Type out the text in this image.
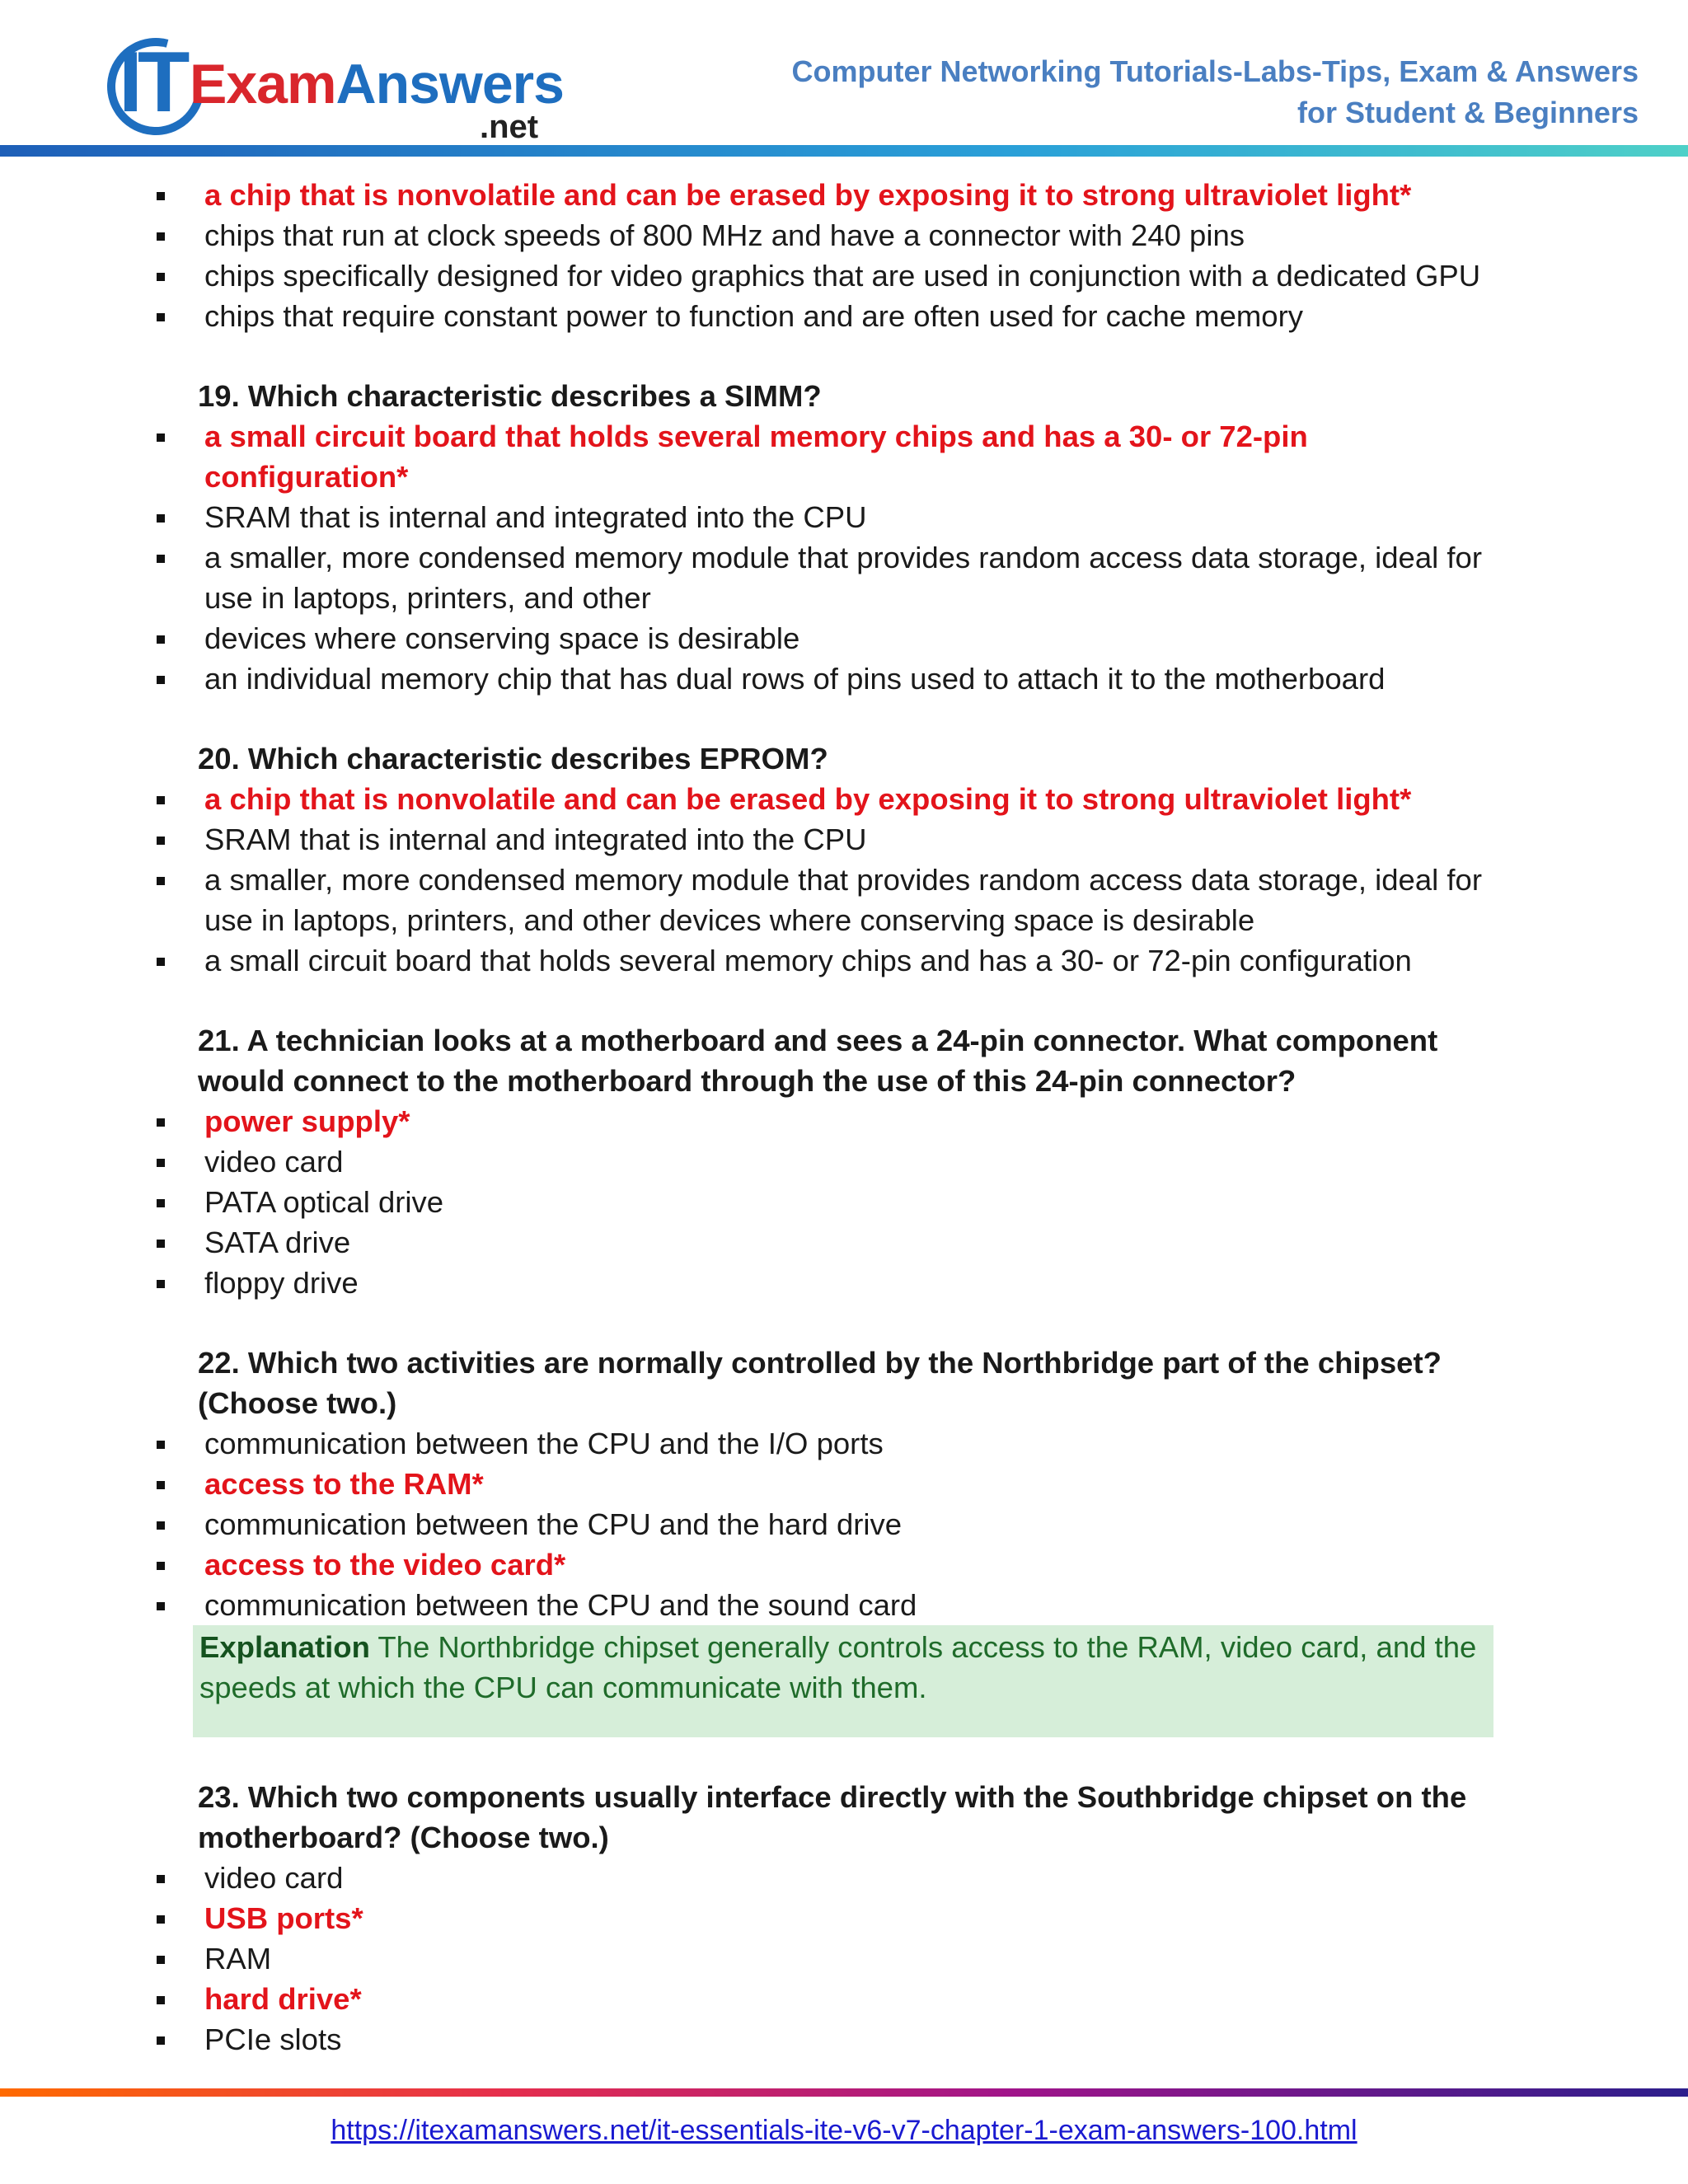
IT ExamAnswers
.net
Computer Networking Tutorials-Labs-Tips, Exam & Answers
for Student & Beginners
a chip that is nonvolatile and can be erased by exposing it to strong ultraviolet light*
chips that run at clock speeds of 800 MHz and have a connector with 240 pins
chips specifically designed for video graphics that are used in conjunction with a dedicated GPU
chips that require constant power to function and are often used for cache memory
19. Which characteristic describes a SIMM?
a small circuit board that holds several memory chips and has a 30- or 72-pin configuration*
SRAM that is internal and integrated into the CPU
a smaller, more condensed memory module that provides random access data storage, ideal for use in laptops, printers, and other
devices where conserving space is desirable
an individual memory chip that has dual rows of pins used to attach it to the motherboard
20. Which characteristic describes EPROM?
a chip that is nonvolatile and can be erased by exposing it to strong ultraviolet light*
SRAM that is internal and integrated into the CPU
a smaller, more condensed memory module that provides random access data storage, ideal for use in laptops, printers, and other devices where conserving space is desirable
a small circuit board that holds several memory chips and has a 30- or 72-pin configuration
21. A technician looks at a motherboard and sees a 24-pin connector. What component would connect to the motherboard through the use of this 24-pin connector?
power supply*
video card
PATA optical drive
SATA drive
floppy drive
22. Which two activities are normally controlled by the Northbridge part of the chipset? (Choose two.)
communication between the CPU and the I/O ports
access to the RAM*
communication between the CPU and the hard drive
access to the video card*
communication between the CPU and the sound card
Explanation The Northbridge chipset generally controls access to the RAM, video card, and the speeds at which the CPU can communicate with them.
23. Which two components usually interface directly with the Southbridge chipset on the motherboard? (Choose two.)
video card
USB ports*
RAM
hard drive*
PCIe slots
https://itexamanswers.net/it-essentials-ite-v6-v7-chapter-1-exam-answers-100.html
